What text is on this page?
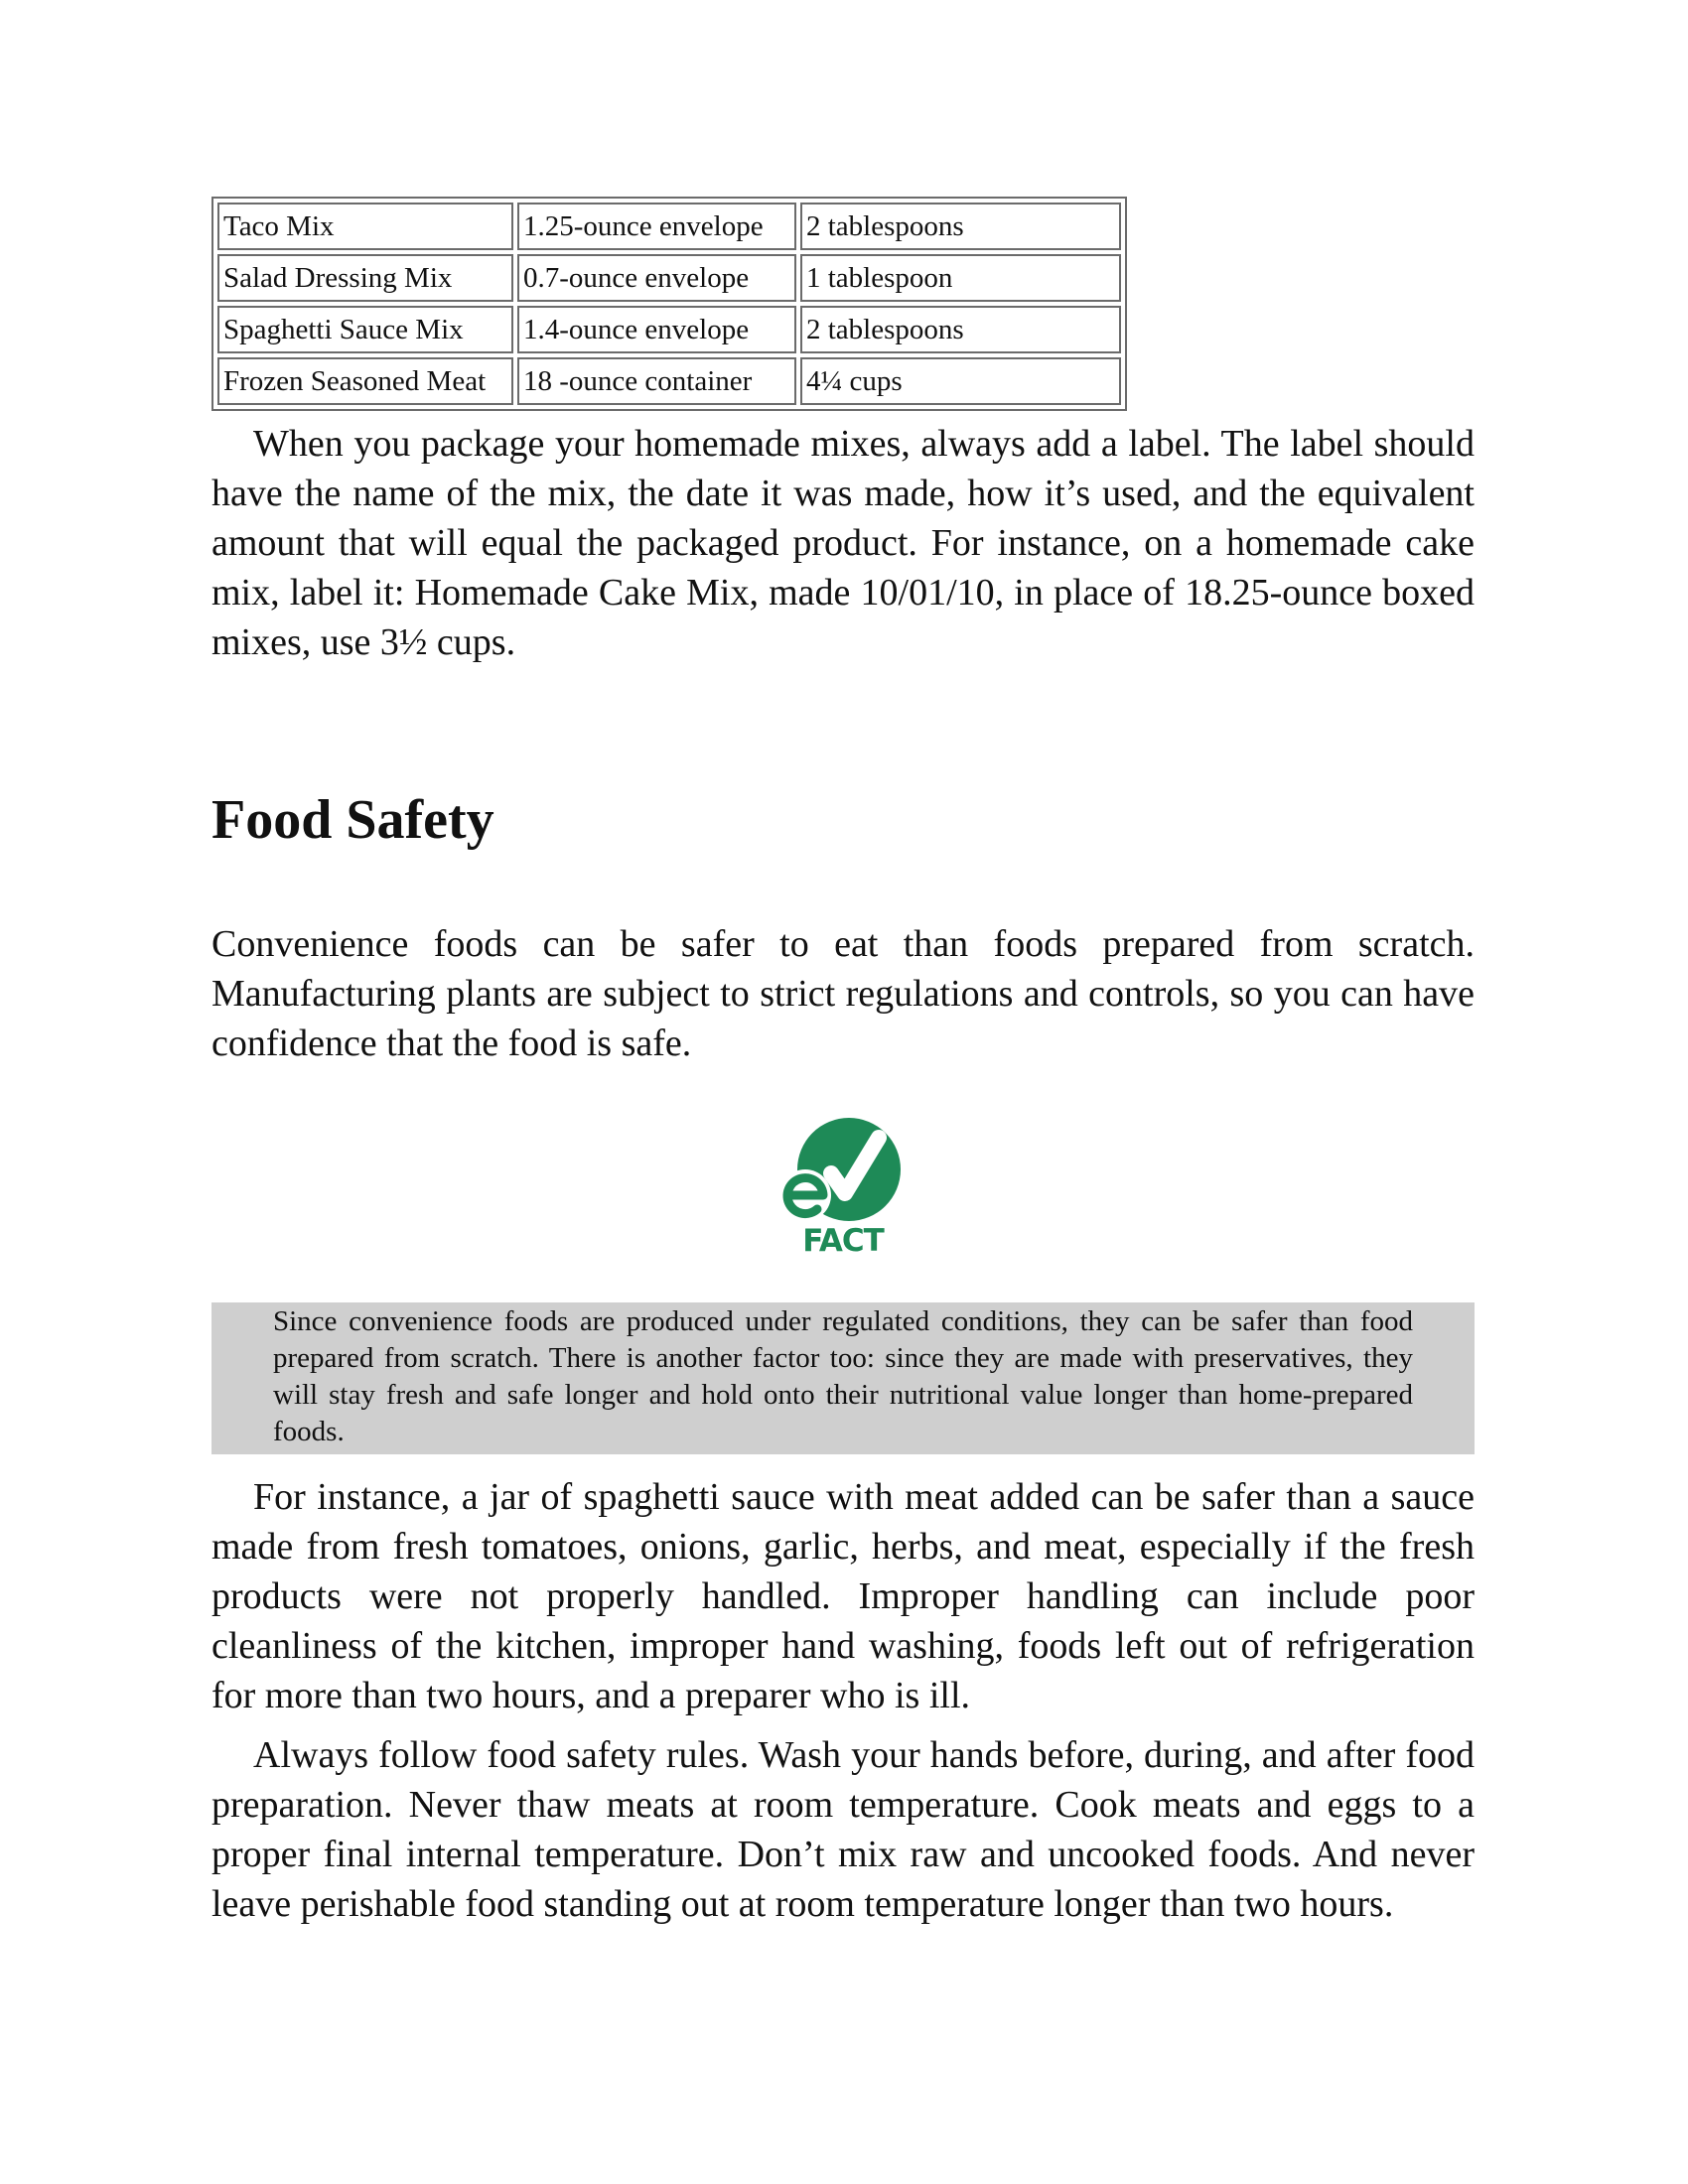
Taco Mix	1.25-ounce envelope	2 tablespoons
Salad Dressing Mix	0.7-ounce envelope	1 tablespoon
Spaghetti Sauce Mix	1.4-ounce envelope	2 tablespoons
Frozen Seasoned Meat	18 -ounce container	4¼ cups

When you package your homemade mixes, always add a label. The label should have the name of the mix, the date it was made, how it’s used, and the equivalent amount that will equal the packaged product. For instance, on a homemade cake mix, label it: Homemade Cake Mix, made 10/01/10, in place of 18.25-ounce boxed mixes, use 3½ cups.

Food Safety

Convenience foods can be safer to eat than foods prepared from scratch. Manufacturing plants are subject to strict regulations and controls, so you can have confidence that the food is safe.

FACT
Since convenience foods are produced under regulated conditions, they can be safer than food prepared from scratch. There is another factor too: since they are made with preservatives, they will stay fresh and safe longer and hold onto their nutritional value longer than home-prepared foods.

For instance, a jar of spaghetti sauce with meat added can be safer than a sauce made from fresh tomatoes, onions, garlic, herbs, and meat, especially if the fresh products were not properly handled. Improper handling can include poor cleanliness of the kitchen, improper hand washing, foods left out of refrigeration for more than two hours, and a preparer who is ill.

Always follow food safety rules. Wash your hands before, during, and after food preparation. Never thaw meats at room temperature. Cook meats and eggs to a proper final internal temperature. Don’t mix raw and uncooked foods. And never leave perishable food standing out at room temperature longer than two hours.
